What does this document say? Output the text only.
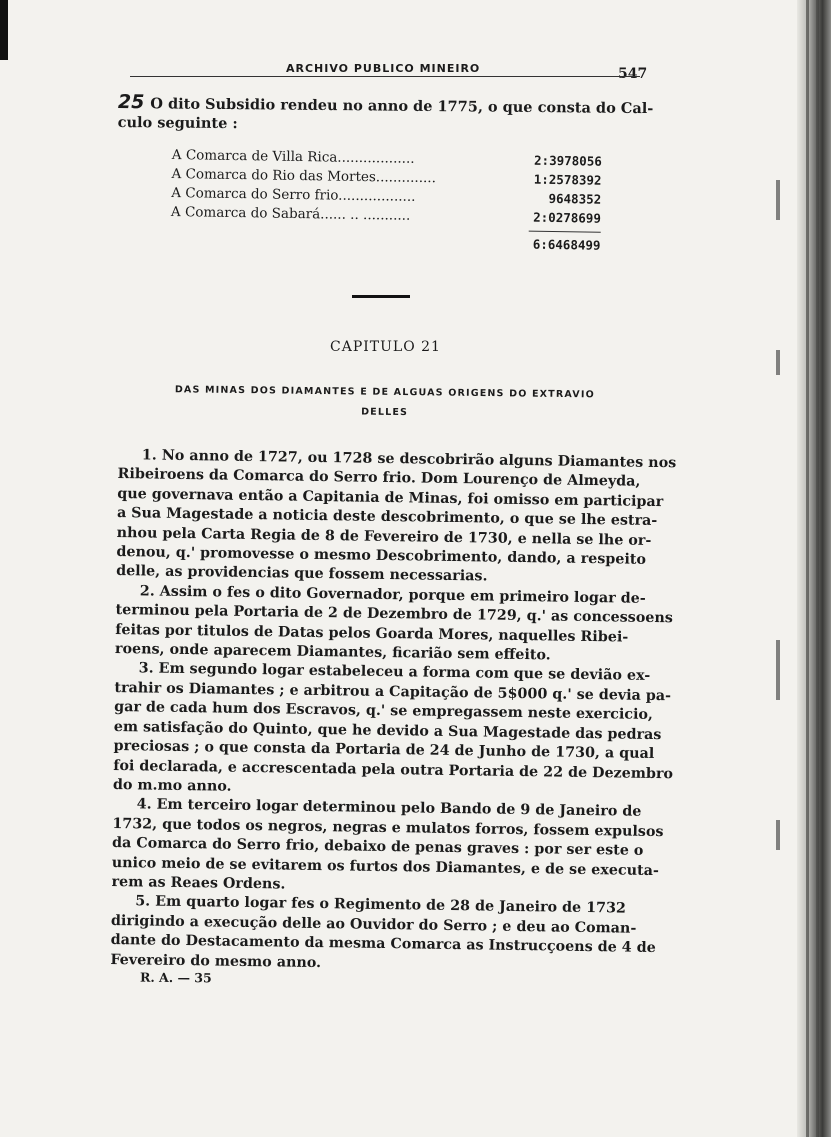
ARCHIVO PUBLICO MINEIRO	547
25 O dito Subsidio rendeu no anno de 1775, o que consta do Cal-
culo seguinte :
A Comarca de Villa Rica..................	2:3978056
A Comarca do Rio das Mortes..............	1:2578392
A Comarca do Serro frio..................	9648352
A Comarca do Sabará...... .. ...........	2:0278699
6:6468499
CAPITULO 21
DAS MINAS DOS DIAMANTES E DE ALGUAS ORIGENS DO EXTRAVIO
DELLES
1. No anno de 1727, ou 1728 se descobrirão alguns Diamantes nos
Ribeiroens da Comarca do Serro frio. Dom Lourenço de Almeyda,
que governava então a Capitania de Minas, foi omisso em participar
a Sua Magestade a noticia deste descobrimento, o que se lhe estra-
nhou pela Carta Regia de 8 de Fevereiro de 1730, e nella se lhe or-
denou, q.' promovesse o mesmo Descobrimento, dando, a respeito
delle, as providencias que fossem necessarias.
2. Assim o fes o dito Governador, porque em primeiro logar de-
terminou pela Portaria de 2 de Dezembro de 1729, q.' as concessoens
feitas por titulos de Datas pelos Goarda Mores, naquelles Ribei-
roens, onde aparecem Diamantes, ficarião sem effeito.
3. Em segundo logar estabeleceu a forma com que se devião ex-
trahir os Diamantes ; e arbitrou a Capitação de 5$000 q.' se devia pa-
gar de cada hum dos Escravos, q.' se empregassem neste exercicio,
em satisfação do Quinto, que he devido a Sua Magestade das pedras
preciosas ; o que consta da Portaria de 24 de Junho de 1730, a qual
foi declarada, e accrescentada pela outra Portaria de 22 de Dezembro
do m.mo anno.
4. Em terceiro logar determinou pelo Bando de 9 de Janeiro de
1732, que todos os negros, negras e mulatos forros, fossem expulsos
da Comarca do Serro frio, debaixo de penas graves : por ser este o
unico meio de se evitarem os furtos dos Diamantes, e de se executa-
rem as Reaes Ordens.
5. Em quarto logar fes o Regimento de 28 de Janeiro de 1732
dirigindo a execução delle ao Ouvidor do Serro ; e deu ao Coman-
dante do Destacamento da mesma Comarca as Instrucçoens de 4 de
Fevereiro do mesmo anno.
R. A. — 35
